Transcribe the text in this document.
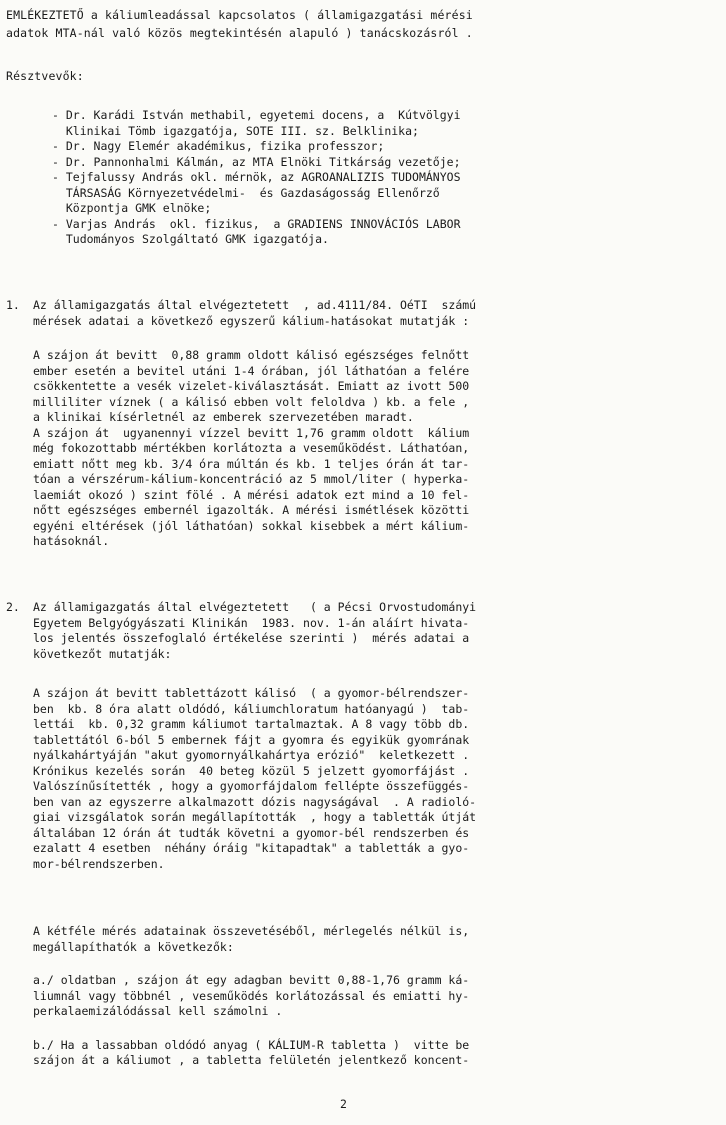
EMLÉKEZTETŐ a káliumleadással kapcsolatos ( államigazgatási mérési
adatok MTA-nál való közös megtekintésén alapuló ) tanácskozásról .
Résztvevők:
- Dr. Karádi István methabil, egyetemi docens, a  Kútvölgyi
Klinikai Tömb igazgatója, SOTE III. sz. Belklinika;
- Dr. Nagy Elemér akadémikus, fizika professzor;
- Dr. Pannonhalmi Kálmán, az MTA Elnöki Titkárság vezetője;
- Tejfalussy András okl. mérnök, az AGROANALIZIS TUDOMÁNYOS
TÁRSASÁG Környezetvédelmi-  és Gazdaságosság Ellenőrző
Központja GMK elnöke;
- Varjas András  okl. fizikus,  a GRADIENS INNOVÁCIÓS LABOR
Tudományos Szolgáltató GMK igazgatója.
1. Az államigazgatás által elvégeztetett  , ad.4111/84. OéTI  számú
mérések adatai a következő egyszerű kálium-hatásokat mutatják :
A szájon át bevitt  0,88 gramm oldott kálisó egészséges felnőtt
ember esetén a bevitel utáni 1-4 órában, jól láthatóan a felére
csökkentette a vesék vizelet-kiválasztását. Emiatt az ivott 500
milliliter víznek ( a kálisó ebben volt feloldva ) kb. a fele ,
a klinikai kísérletnél az emberek szervezetében maradt.
A szájon át  ugyanennyi vízzel bevitt 1,76 gramm oldott  kálium
még fokozottabb mértékben korlátozta a veseműködést. Láthatóan,
emiatt nőtt meg kb. 3/4 óra múltán és kb. 1 teljes órán át tar-
tóan a vérszérum-kálium-koncentráció az 5 mmol/liter ( hyperka-
laemiát okozó ) szint fölé . A mérési adatok ezt mind a 10 fel-
nőtt egészséges embernél igazolták. A mérési ismétlések közötti
egyéni eltérések (jól láthatóan) sokkal kisebbek a mért kálium-
hatásoknál.
2. Az államigazgatás által elvégeztetett   ( a Pécsi Orvostudományi
Egyetem Belgyógyászati Klinikán  1983. nov. 1-án aláírt hivata-
los jelentés összefoglaló értékelése szerinti )  mérés adatai a
következőt mutatják:
A szájon át bevitt tablettázott kálisó  ( a gyomor-bélrendszer-
ben  kb. 8 óra alatt oldódó, káliumchloratum hatóanyagú )  tab-
lettái  kb. 0,32 gramm káliumot tartalmaztak. A 8 vagy több db.
tablettától 6-ból 5 embernek fájt a gyomra és egyikük gyomrának
nyálkahártyáján "akut gyomornyálkahártya erózió"  keletkezett .
Krónikus kezelés során  40 beteg közül 5 jelzett gyomorfájást .
Valószínűsítették , hogy a gyomorfájdalom fellépte összefüggés-
ben van az egyszerre alkalmazott dózis nagyságával  . A radioló-
giai vizsgálatok során megállapították  , hogy a tabletták útját
általában 12 órán át tudták követni a gyomor-bél rendszerben és
ezalatt 4 esetben  néhány óráig "kitapadtak" a tabletták a gyo-
mor-bélrendszerben.
A kétféle mérés adatainak összevetéséből, mérlegelés nélkül is,
megállapíthatók a következők:
a./ oldatban , szájon át egy adagban bevitt 0,88-1,76 gramm ká-
liumnál vagy többnél , veseműködés korlátozással és emiatti hy-
perkalaemizálódással kell számolni .
b./ Ha a lassabban oldódó anyag ( KÁLIUM-R tabletta )  vitte be
szájon át a káliumot , a tabletta felületén jelentkező koncent-
2
